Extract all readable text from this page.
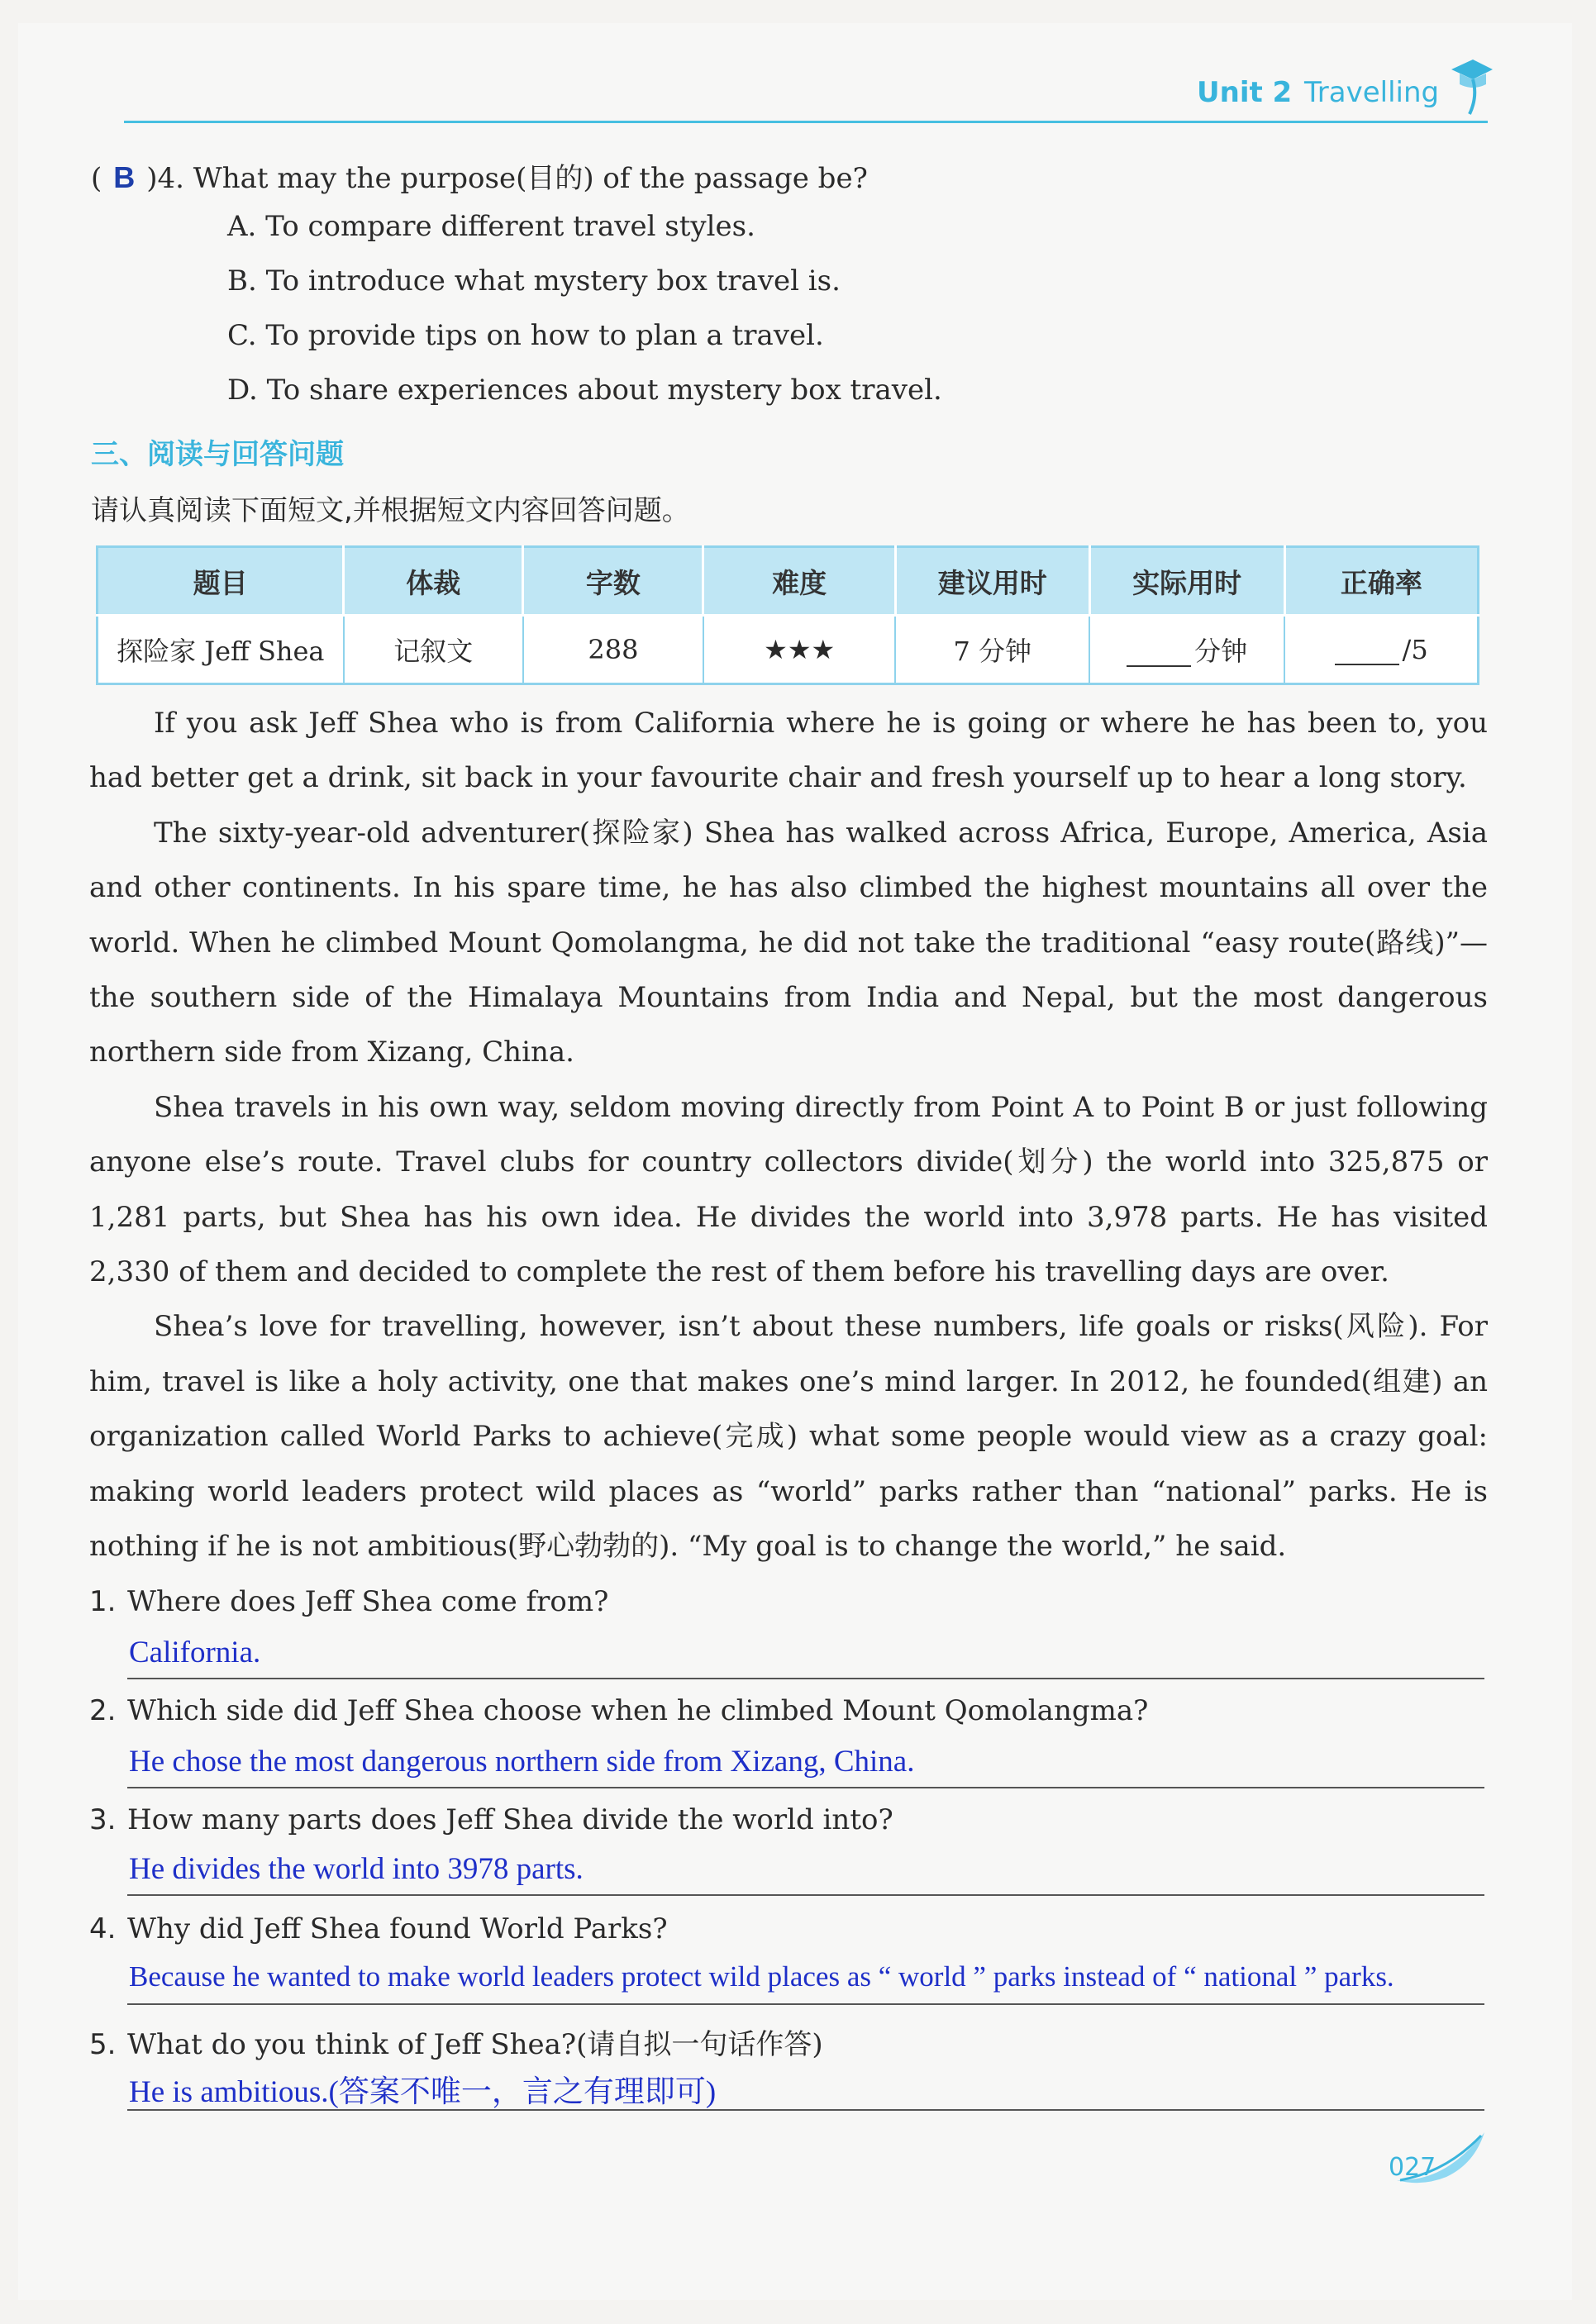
Unit 2 Travelling
( B )4. What may the purpose(目的) of the passage be?
A. To compare different travel styles.
B. To introduce what mystery box travel is.
C. To provide tips on how to plan a travel.
D. To share experiences about mystery box travel.
三、阅读与回答问题
请认真阅读下面短文,并根据短文内容回答问题。
题目	体裁	字数	难度	建议用时	实际用时	正确率
探险家 Jeff Shea	记叙文	288	★★★	7 分钟	分钟	/5

If you ask Jeff Shea who is from California where he is going or where he has been to, you had better get a drink, sit back in your favourite chair and fresh yourself up to hear a long story.

The sixty-year-old adventurer(探险家) Shea has walked across Africa, Europe, America, Asia and other continents. In his spare time, he has also climbed the highest mountains all over the world. When he climbed Mount Qomolangma, he did not take the traditional “easy route(路线)”—the southern side of the Himalaya Mountains from India and Nepal, but the most dangerous northern side from Xizang, China.

Shea travels in his own way, seldom moving directly from Point A to Point B or just following anyone else’s route. Travel clubs for country collectors divide(划分) the world into 325,875 or 1,281 parts, but Shea has his own idea. He divides the world into 3,978 parts. He has visited 2,330 of them and decided to complete the rest of them before his travelling days are over.

Shea’s love for travelling, however, isn’t about these numbers, life goals or risks(风险). For him, travel is like a holy activity, one that makes one’s mind larger. In 2012, he founded(组建) an organization called World Parks to achieve(完成) what some people would view as a crazy goal: making world leaders protect wild places as “world” parks rather than “national” parks. He is nothing if he is not ambitious(野心勃勃的). “My goal is to change the world,” he said.

1. Where does Jeff Shea come from?
California.
2. Which side did Jeff Shea choose when he climbed Mount Qomolangma?
He chose the most dangerous northern side from Xizang, China.
3. How many parts does Jeff Shea divide the world into?
He divides the world into 3978 parts.
4. Why did Jeff Shea found World Parks?
Because he wanted to make world leaders protect wild places as “ world ” parks instead of “ national ” parks.
5. What do you think of Jeff Shea?(请自拟一句话作答)
He is ambitious.(答案不唯一，言之有理即可)
027
